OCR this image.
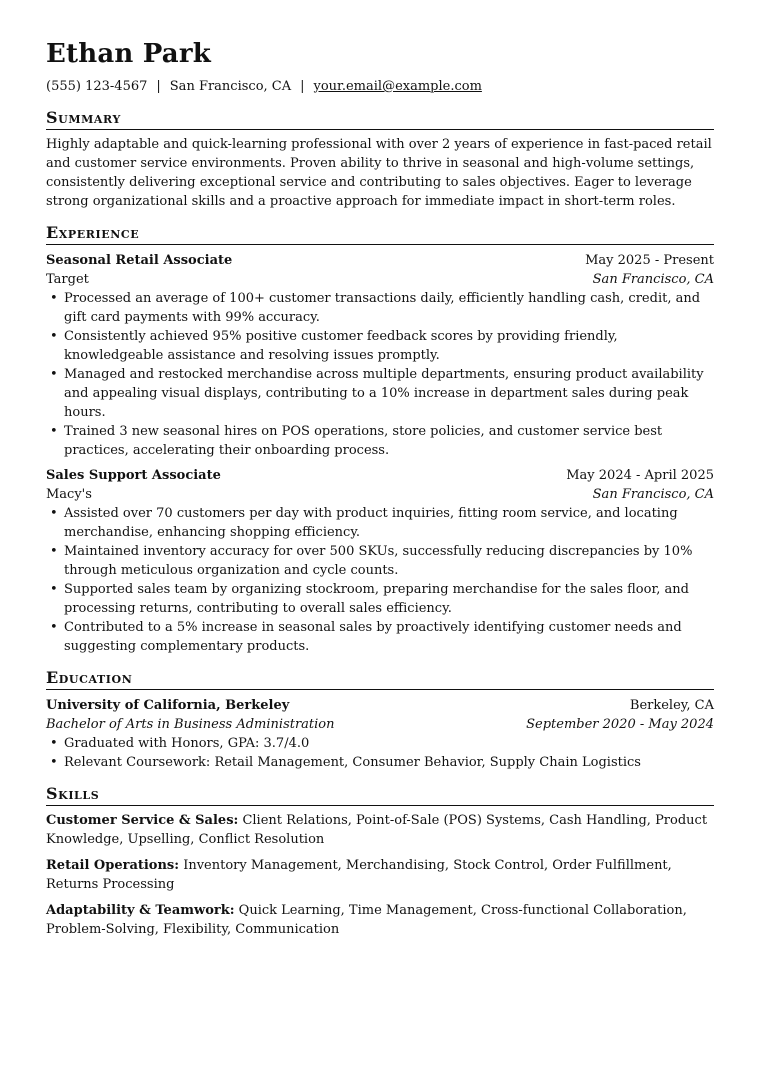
Ethan Park
(555) 123-4567 | San Francisco, CA | your.email@example.com
Summary
Highly adaptable and quick-learning professional with over 2 years of experience in fast-paced retail and customer service environments. Proven ability to thrive in seasonal and high-volume settings, consistently delivering exceptional service and contributing to sales objectives. Eager to leverage strong organizational skills and a proactive approach for immediate impact in short-term roles.
Experience
Seasonal Retail Associate	May 2025 - Present
Target	San Francisco, CA
• Processed an average of 100+ customer transactions daily, efficiently handling cash, credit, and gift card payments with 99% accuracy.
• Consistently achieved 95% positive customer feedback scores by providing friendly, knowledgeable assistance and resolving issues promptly.
• Managed and restocked merchandise across multiple departments, ensuring product availability and appealing visual displays, contributing to a 10% increase in department sales during peak hours.
• Trained 3 new seasonal hires on POS operations, store policies, and customer service best practices, accelerating their onboarding process.
Sales Support Associate	May 2024 - April 2025
Macy's	San Francisco, CA
• Assisted over 70 customers per day with product inquiries, fitting room service, and locating merchandise, enhancing shopping efficiency.
• Maintained inventory accuracy for over 500 SKUs, successfully reducing discrepancies by 10% through meticulous organization and cycle counts.
• Supported sales team by organizing stockroom, preparing merchandise for the sales floor, and processing returns, contributing to overall sales efficiency.
• Contributed to a 5% increase in seasonal sales by proactively identifying customer needs and suggesting complementary products.
Education
University of California, Berkeley	Berkeley, CA
Bachelor of Arts in Business Administration	September 2020 - May 2024
• Graduated with Honors, GPA: 3.7/4.0
• Relevant Coursework: Retail Management, Consumer Behavior, Supply Chain Logistics
Skills
Customer Service & Sales: Client Relations, Point-of-Sale (POS) Systems, Cash Handling, Product Knowledge, Upselling, Conflict Resolution
Retail Operations: Inventory Management, Merchandising, Stock Control, Order Fulfillment, Returns Processing
Adaptability & Teamwork: Quick Learning, Time Management, Cross-functional Collaboration, Problem-Solving, Flexibility, Communication
